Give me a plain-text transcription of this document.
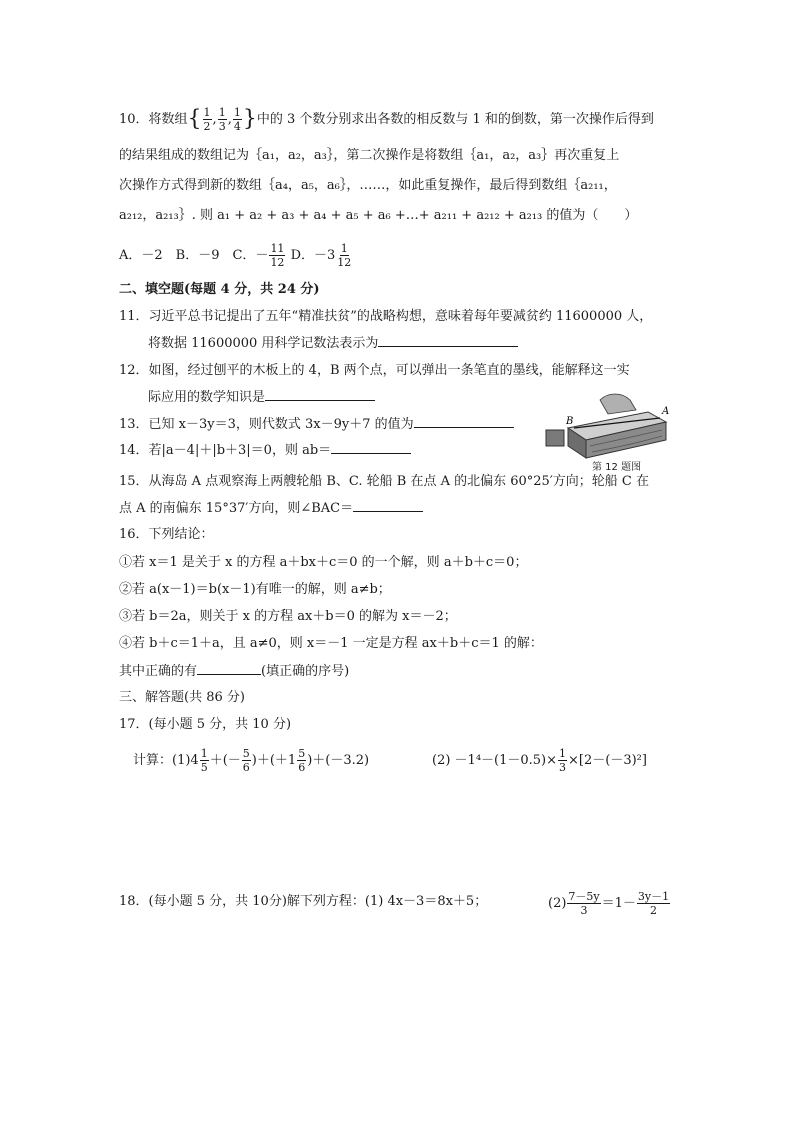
10．将数组{ $\frac{1}{2}$ , $\frac{1}{3}$ , $\frac{1}{4}$ }中的 3 个数分别求出各数的相反数与 1 和的倒数，第一次操作后得到
的结果组成的数组记为｛a₁，a₂，a₃｝，第二次操作是将数组｛a₁，a₂，a₃｝再次重复上
次操作方式得到新的数组｛a₄，a₅，a₆｝，……，如此重复操作，最后得到数组｛a₂₁₁，
a₂₁₂，a₂₁₃｝. 则 a₁ + a₂ + a₃ + a₄ + a₅ + a₆ +…+ a₂₁₁ + a₂₁₂ + a₂₁₃ 的值为（　　）
A．－2　B．－9　C．－ $\frac{11}{12}$ D．$-3 \frac{1}{12}$
二、填空题(每题 4 分，共 24 分)
11．习近平总书记提出了五年“精准扶贫”的战略构想，意味着每年要减贫约 11600000 人，
将数据 11600000 用科学记数法表示为
12．如图，经过刨平的木板上的 4，B 两个点，可以弹出一条笔直的墨线，能解释这一实
际应用的数学知识是
13．已知 x－3y＝3，则代数式 3x－9y＋7 的值为
14．若|a－4|＋|b＋3|＝0，则 ab＝
B
A
第 12 题图
15．从海岛 A 点观察海上两艘轮船 B、C. 轮船 B 在点 A 的北偏东 60°25′方向；轮船 C 在
点 A 的南偏东 15°37′方向，则∠BAC＝
16．下列结论：
①若 x＝1 是关于 x 的方程 a＋bx＋c＝0 的一个解，则 a＋b＋c＝0；
②若 a(x－1)＝b(x－1)有唯一的解，则 a≠b；
③若 b＝2a，则关于 x 的方程 ax＋b＝0 的解为 x＝－2；
④若 b＋c＝1＋a，且 a≠0，则 x＝－1 一定是方程 ax＋b＋c＝1 的解：
其中正确的有	(填正确的序号)
三、解答题(共 86 分)
17．(每小题 5 分，共 10 分)
计算：$(1)4 \frac{1}{5}$ ＋(－ $\frac{5}{6} )+(+1 \frac{5}{6} )+(-3.2)$	$(2) -1^4-(1-0.5)\times \frac{1}{3} \times[2-(-3)^2]$
18．(每小题 5 分，共 10分)解下列方程：(1) 4x－3＝8x＋5；	$(2) \frac{7-5y}{3} =1- \frac{3y-1}{2}$
